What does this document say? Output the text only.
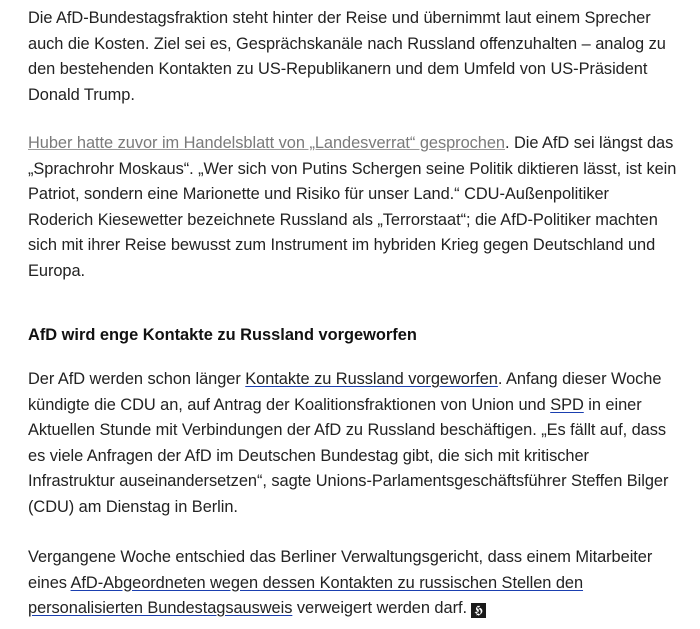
Die AfD-Bundestagsfraktion steht hinter der Reise und übernimmt laut einem Sprecher auch die Kosten. Ziel sei es, Gesprächskanäle nach Russland offenzuhalten – analog zu den bestehenden Kontakten zu US-Republikanern und dem Umfeld von US-Präsident Donald Trump.

Huber hatte zuvor im Handelsblatt von „Landesverrat“ gesprochen. Die AfD sei längst das „Sprachrohr Moskaus“. „Wer sich von Putins Schergen seine Politik diktieren lässt, ist kein Patriot, sondern eine Marionette und Risiko für unser Land.“ CDU-Außenpolitiker Roderich Kiesewetter bezeichnete Russland als „Terrorstaat“; die AfD-Politiker machten sich mit ihrer Reise bewusst zum Instrument im hybriden Krieg gegen Deutschland und Europa.

AfD wird enge Kontakte zu Russland vorgeworfen

Der AfD werden schon länger Kontakte zu Russland vorgeworfen. Anfang dieser Woche kündigte die CDU an, auf Antrag der Koalitionsfraktionen von Union und SPD in einer Aktuellen Stunde mit Verbindungen der AfD zu Russland beschäftigen. „Es fällt auf, dass es viele Anfragen der AfD im Deutschen Bundestag gibt, die sich mit kritischer Infrastruktur auseinandersetzen“, sagte Unions-Parlamentsgeschäftsführer Steffen Bilger (CDU) am Dienstag in Berlin.

Vergangene Woche entschied das Berliner Verwaltungsgericht, dass einem Mitarbeiter eines AfD-Abgeordneten wegen dessen Kontakten zu russischen Stellen den personalisierten Bundestagsausweis verweigert werden darf. 𝕳
